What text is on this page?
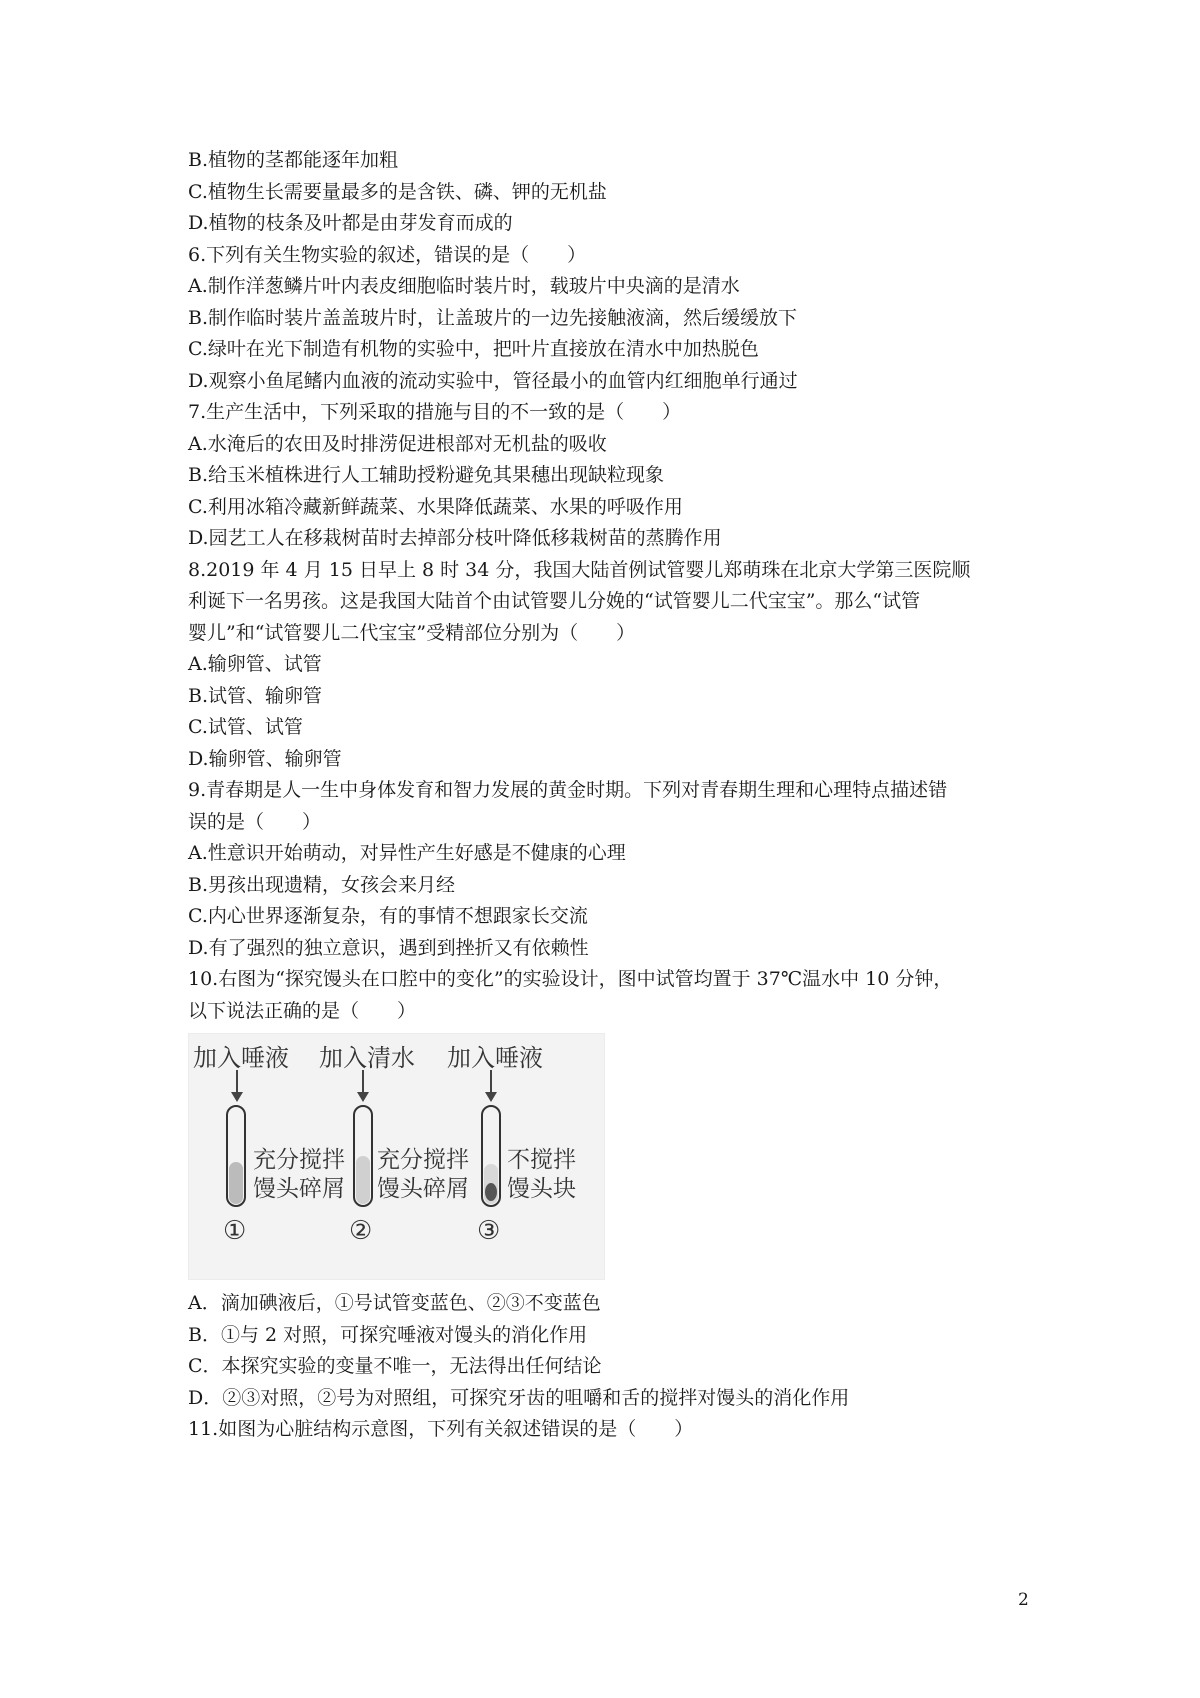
B.植物的茎都能逐年加粗
C.植物生长需要量最多的是含铁、磷、钾的无机盐
D.植物的枝条及叶都是由芽发育而成的
6.下列有关生物实验的叙述，错误的是（　　）
A.制作洋葱鳞片叶内表皮细胞临时装片时，载玻片中央滴的是清水
B.制作临时装片盖盖玻片时，让盖玻片的一边先接触液滴，然后缓缓放下
C.绿叶在光下制造有机物的实验中，把叶片直接放在清水中加热脱色
D.观察小鱼尾鳍内血液的流动实验中，管径最小的血管内红细胞单行通过
7.生产生活中，下列采取的措施与目的不一致的是（　　）
A.水淹后的农田及时排涝促进根部对无机盐的吸收
B.给玉米植株进行人工辅助授粉避免其果穗出现缺粒现象
C.利用冰箱冷藏新鲜蔬菜、水果降低蔬菜、水果的呼吸作用
D.园艺工人在移栽树苗时去掉部分枝叶降低移栽树苗的蒸腾作用
8.2019 年 4 月 15 日早上 8 时 34 分，我国大陆首例试管婴儿郑萌珠在北京大学第三医院顺
利诞下一名男孩。这是我国大陆首个由试管婴儿分娩的“试管婴儿二代宝宝”。那么“试管
婴儿”和“试管婴儿二代宝宝”受精部位分别为（　　）
A.输卵管、试管
B.试管、输卵管
C.试管、试管
D.输卵管、输卵管
9.青春期是人一生中身体发育和智力发展的黄金时期。下列对青春期生理和心理特点描述错
误的是（　　）
A.性意识开始萌动，对异性产生好感是不健康的心理
B.男孩出现遗精，女孩会来月经
C.内心世界逐渐复杂，有的事情不想跟家长交流
D.有了强烈的独立意识，遇到到挫折又有依赖性
10.右图为“探究馒头在口腔中的变化”的实验设计，图中试管均置于 37℃温水中 10 分钟，
以下说法正确的是（　　）
加入唾液
充分搅拌
馒头碎屑
①
加入清水
充分搅拌
馒头碎屑
②
加入唾液
不搅拌
馒头块
③
A．滴加碘液后，①号试管变蓝色、②③不变蓝色
B．①与 2 对照，可探究唾液对馒头的消化作用
C．本探究实验的变量不唯一，无法得出任何结论
D．②③对照，②号为对照组，可探究牙齿的咀嚼和舌的搅拌对馒头的消化作用
11.如图为心脏结构示意图，下列有关叙述错误的是（　　）
2
